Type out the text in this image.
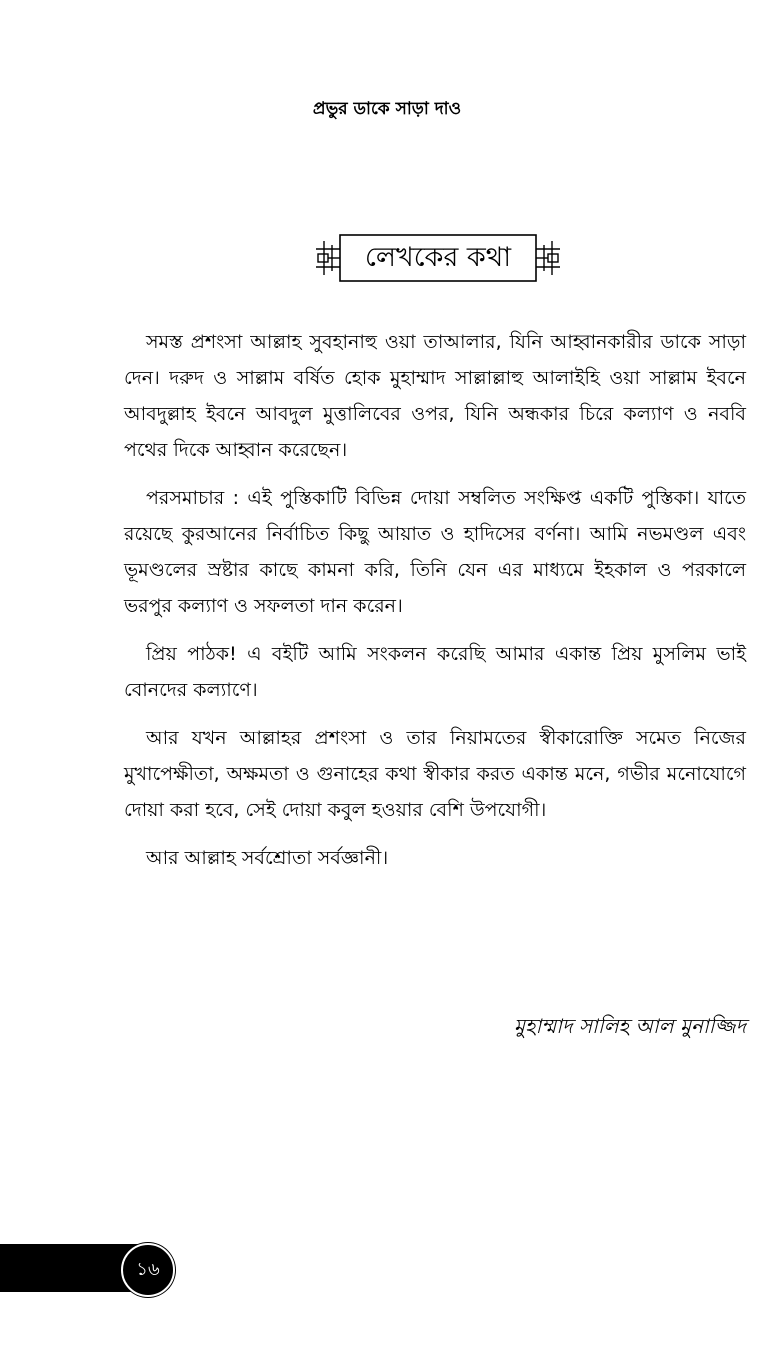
প্রভুর ডাকে সাড়া দাও
লেখকের কথা

সমস্ত প্রশংসা আল্লাহ সুবহানাহু ওয়া তাআলার, যিনি আহ্বানকারীর ডাকে সাড়া দেন। দরুদ ও সাল্লাম বর্ষিত হোক মুহাম্মাদ সাল্লাল্লাহু আলাইহি ওয়া সাল্লাম ইবনে আবদুল্লাহ ইবনে আবদুল মুত্তালিবের ওপর, যিনি অন্ধকার চিরে কল্যাণ ও নববি পথের দিকে আহ্বান করেছেন।

পরসমাচার : এই পুস্তিকাটি বিভিন্ন দোয়া সম্বলিত সংক্ষিপ্ত একটি পুস্তিকা। যাতে রয়েছে কুরআনের নির্বাচিত কিছু আয়াত ও হাদিসের বর্ণনা। আমি নভমণ্ডল এবং ভূমণ্ডলের স্রষ্টার কাছে কামনা করি, তিনি যেন এর মাধ্যমে ইহকাল ও পরকালে ভরপুর কল্যাণ ও সফলতা দান করেন।

প্রিয় পাঠক! এ বইটি আমি সংকলন করেছি আমার একান্ত প্রিয় মুসলিম ভাই বোনদের কল্যাণে।

আর যখন আল্লাহর প্রশংসা ও তার নিয়ামতের স্বীকারোক্তি সমেত নিজের মুখাপেক্ষীতা, অক্ষমতা ও গুনাহের কথা স্বীকার করত একান্ত মনে, গভীর মনোযোগে দোয়া করা হবে, সেই দোয়া কবুল হওয়ার বেশি উপযোগী।

আর আল্লাহ সর্বশ্রোতা সর্বজ্ঞানী।

মুহাম্মাদ সালিহ আল মুনাজ্জিদ
১৬
